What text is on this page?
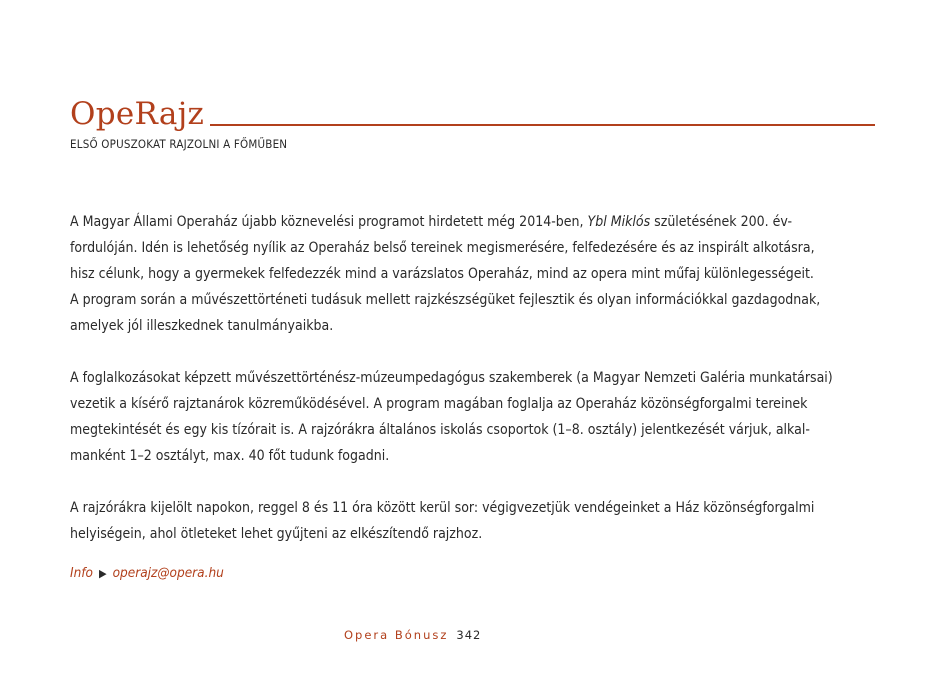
OpeRajz
ELSŐ OPUSZOKAT RAJZOLNI A FŐMŰBEN

A Magyar Állami Operaház újabb köznevelési programot hirdetett még 2014-ben, Ybl Miklós születésének 200. év-
fordulóján. Idén is lehetőség nyílik az Operaház belső tereinek megismerésére, felfedezésére és az inspirált alkotásra,
hisz célunk, hogy a gyermekek felfedezzék mind a varázslatos Operaház, mind az opera mint műfaj különlegességeit.
A program során a művészettörténeti tudásuk mellett rajzkészségüket fejlesztik és olyan információkkal gazdagodnak,
amelyek jól illeszkednek tanulmányaikba.

A foglalkozásokat képzett művészettörténész-múzeumpedagógus szakemberek (a Magyar Nemzeti Galéria munkatársai)
vezetik a kísérő rajztanárok közreműködésével. A program magában foglalja az Operaház közönségforgalmi tereinek
megtekintését és egy kis tízórait is. A rajzórákra általános iskolás csoportok (1–8. osztály) jelentkezését várjuk, alkal-
manként 1–2 osztályt, max. 40 főt tudunk fogadni.

A rajzórákra kijelölt napokon, reggel 8 és 11 óra között kerül sor: végigvezetjük vendégeinket a Ház közönségforgalmi
helyiségein, ahol ötleteket lehet gyűjteni az elkészítendő rajzhoz.

Info ▶ operajz@opera.hu
Opera Bónusz 342
